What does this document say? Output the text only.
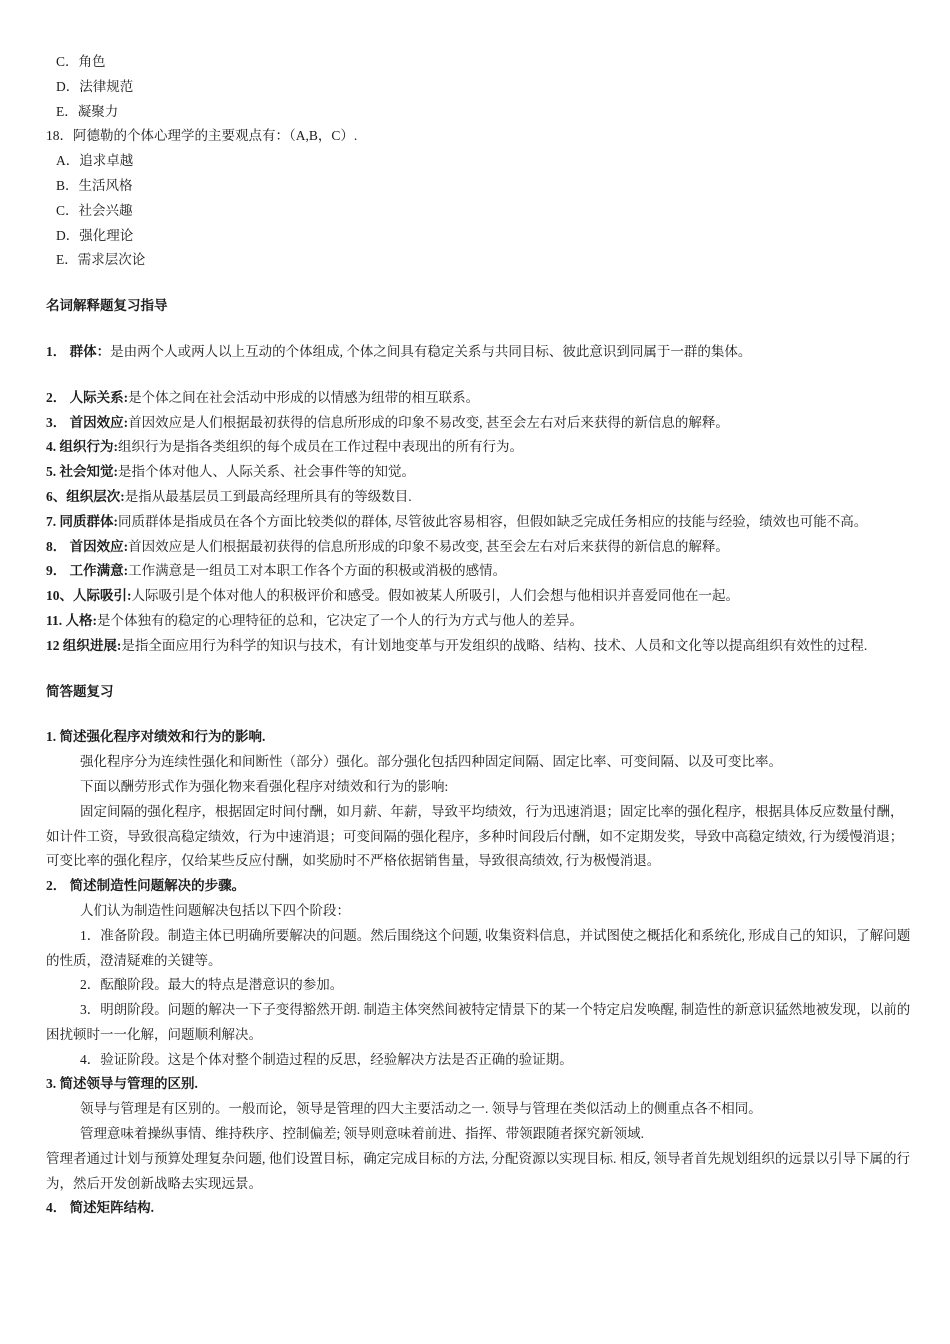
C．角色
D．法律规范
E．凝聚力
18．阿德勒的个体心理学的主要观点有：（A,B，C）.
A．追求卓越
B．生活风格
C．社会兴趣
D．强化理论
E．需求层次论
名词解释题复习指导
1． 群体：是由两个人或两人以上互动的个体组成, 个体之间具有稳定关系与共同目标、彼此意识到同属于一群的集体。
2． 人际关系:是个体之间在社会活动中形成的以情感为纽带的相互联系。
3． 首因效应:首因效应是人们根据最初获得的信息所形成的印象不易改变, 甚至会左右对后来获得的新信息的解释。
4. 组织行为:组织行为是指各类组织的每个成员在工作过程中表现出的所有行为。
5. 社会知觉:是指个体对他人、人际关系、社会事件等的知觉。
6、组织层次:是指从最基层员工到最高经理所具有的等级数目.
7. 同质群体:同质群体是指成员在各个方面比较类似的群体, 尽管彼此容易相容，但假如缺乏完成任务相应的技能与经验，绩效也可能不高。
8． 首因效应:首因效应是人们根据最初获得的信息所形成的印象不易改变, 甚至会左右对后来获得的新信息的解释。
9． 工作满意:工作满意是一组员工对本职工作各个方面的积极或消极的感情。
10、人际吸引:人际吸引是个体对他人的积极评价和感受。假如被某人所吸引，人们会想与他相识并喜爱同他在一起。
11. 人格:是个体独有的稳定的心理特征的总和，它决定了一个人的行为方式与他人的差异。
12 组织进展:是指全面应用行为科学的知识与技术，有计划地变革与开发组织的战略、结构、技术、人员和文化等以提高组织有效性的过程.
简答题复习
1. 简述强化程序对绩效和行为的影响.
强化程序分为连续性强化和间断性（部分）强化。部分强化包括四种固定间隔、固定比率、可变间隔、以及可变比率。
下面以酬劳形式作为强化物来看强化程序对绩效和行为的影响:
固定间隔的强化程序，根据固定时间付酬，如月薪、年薪，导致平均绩效，行为迅速消退；固定比率的强化程序，根据具体反应数量付酬，如计件工资，导致很高稳定绩效，行为中速消退；可变间隔的强化程序，多种时间段后付酬，如不定期发奖，导致中高稳定绩效, 行为缓慢消退；可变比率的强化程序，仅给某些反应付酬，如奖励时不严格依据销售量，导致很高绩效, 行为极慢消退。
2． 简述制造性问题解决的步骤。
人们认为制造性问题解决包括以下四个阶段：
1．准备阶段。制造主体已明确所要解决的问题。然后围绕这个问题, 收集资料信息，并试图使之概括化和系统化, 形成自己的知识，了解问题的性质，澄清疑难的关键等。
2．酝酿阶段。最大的特点是潜意识的参加。
3．明朗阶段。问题的解决一下子变得豁然开朗. 制造主体突然间被特定情景下的某一个特定启发唤醒, 制造性的新意识猛然地被发现，以前的困扰顿时一一化解，问题顺利解决。
4．验证阶段。这是个体对整个制造过程的反思，经验解决方法是否正确的验证期。
3. 简述领导与管理的区别.
领导与管理是有区别的。一般而论，领导是管理的四大主要活动之一. 领导与管理在类似活动上的侧重点各不相同。
管理意味着操纵事情、维持秩序、控制偏差; 领导则意味着前进、指挥、带领跟随者探究新领域.
管理者通过计划与预算处理复杂问题, 他们设置目标，确定完成目标的方法, 分配资源以实现目标. 相反, 领导者首先规划组织的远景以引导下属的行为，然后开发创新战略去实现远景。
4． 简述矩阵结构.
